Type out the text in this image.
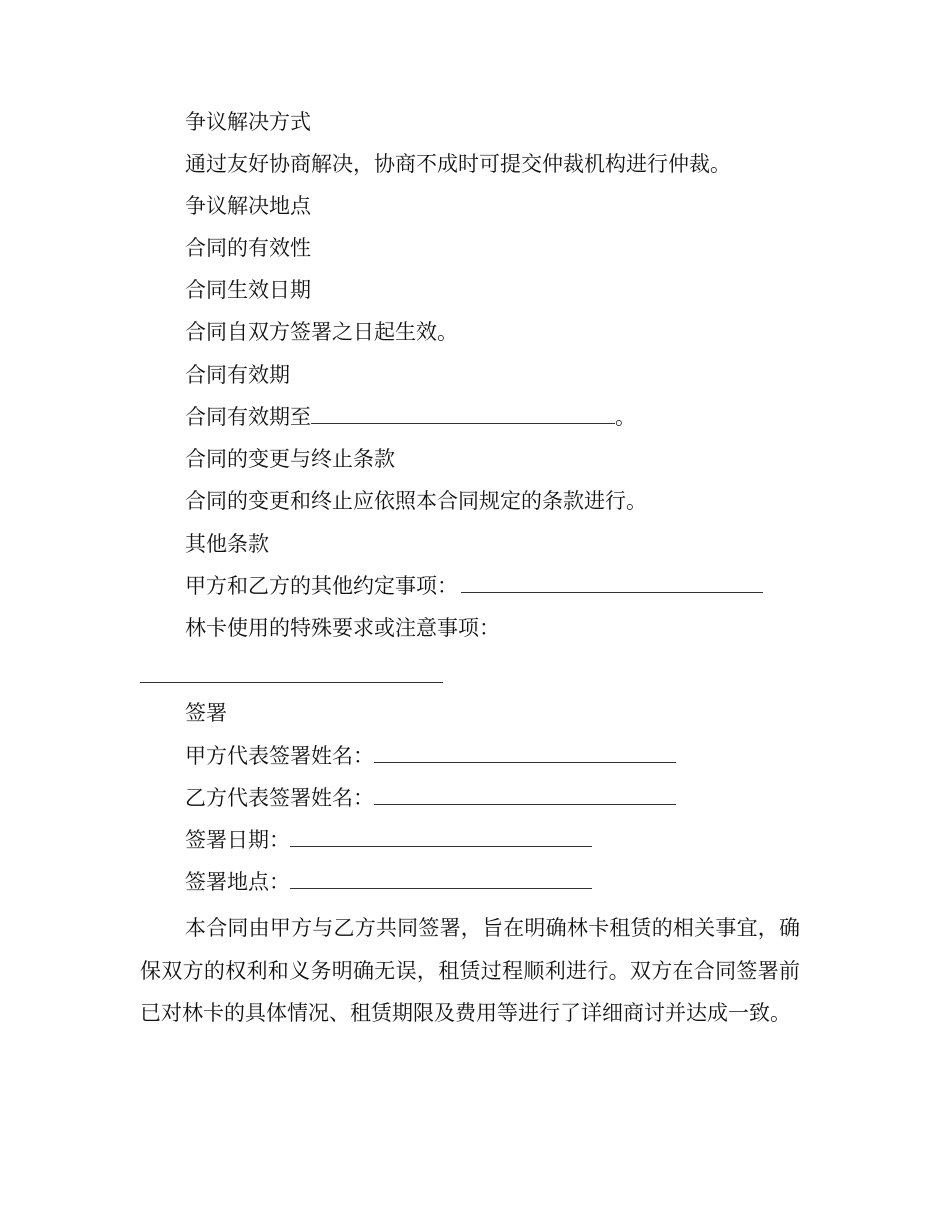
争议解决方式
通过友好协商解决，协商不成时可提交仲裁机构进行仲裁。
争议解决地点
合同的有效性
合同生效日期
合同自双方签署之日起生效。
合同有效期
合同有效期至	。
合同的变更与终止条款
合同的变更和终止应依照本合同规定的条款进行。
其他条款
甲方和乙方的其他约定事项：
林卡使用的特殊要求或注意事项：
签署
甲方代表签署姓名：
乙方代表签署姓名：
签署日期：
签署地点：
本合同由甲方与乙方共同签署，旨在明确林卡租赁的相关事宜，确保双方的权利和义务明确无误，租赁过程顺利进行。双方在合同签署前已对林卡的具体情况、租赁期限及费用等进行了详细商讨并达成一致。
